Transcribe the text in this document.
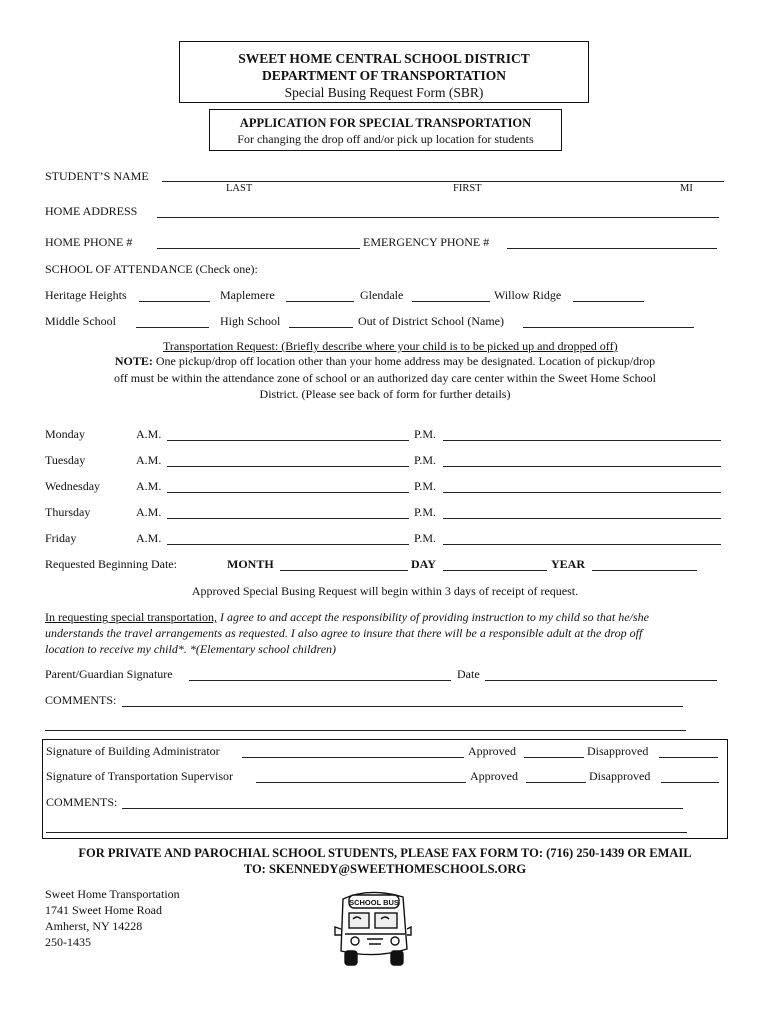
SWEET HOME CENTRAL SCHOOL DISTRICT
DEPARTMENT OF TRANSPORTATION
Special Busing Request Form (SBR)
APPLICATION FOR SPECIAL TRANSPORTATION
For changing the drop off and/or pick up location for students
STUDENT’S NAME
LAST	FIRST	MI
HOME ADDRESS
HOME PHONE #	EMERGENCY PHONE #
SCHOOL OF ATTENDANCE (Check one):
Heritage Heights	Maplemere	Glendale	Willow Ridge
Middle School	High School	Out of District School (Name)
Transportation Request: (Briefly describe where your child is to be picked up and dropped off)
NOTE: One pickup/drop off location other than your home address may be designated. Location of pickup/drop
off must be within the attendance zone of school or an authorized day care center within the Sweet Home School
District. (Please see back of form for further details)
Monday	A.M.	P.M.
Tuesday	A.M.	P.M.
Wednesday	A.M.	P.M.
Thursday	A.M.	P.M.
Friday	A.M.	P.M.
Requested Beginning Date:	MONTH	DAY	YEAR
Approved Special Busing Request will begin within 3 days of receipt of request.
In requesting special transportation, I agree to and accept the responsibility of providing instruction to my child so that he/she
understands the travel arrangements as requested. I also agree to insure that there will be a responsible adult at the drop off
location to receive my child*. *(Elementary school children)
Parent/Guardian Signature	Date
COMMENTS:
Signature of Building Administrator	Approved	Disapproved
Signature of Transportation Supervisor	Approved	Disapproved
COMMENTS:
FOR PRIVATE AND PAROCHIAL SCHOOL STUDENTS, PLEASE FAX FORM TO: (716) 250-1439 OR EMAIL
TO: SKENNEDY@SWEETHOMESCHOOLS.ORG
Sweet Home Transportation
1741 Sweet Home Road
Amherst, NY 14228
250-1435
SCHOOL BUS
